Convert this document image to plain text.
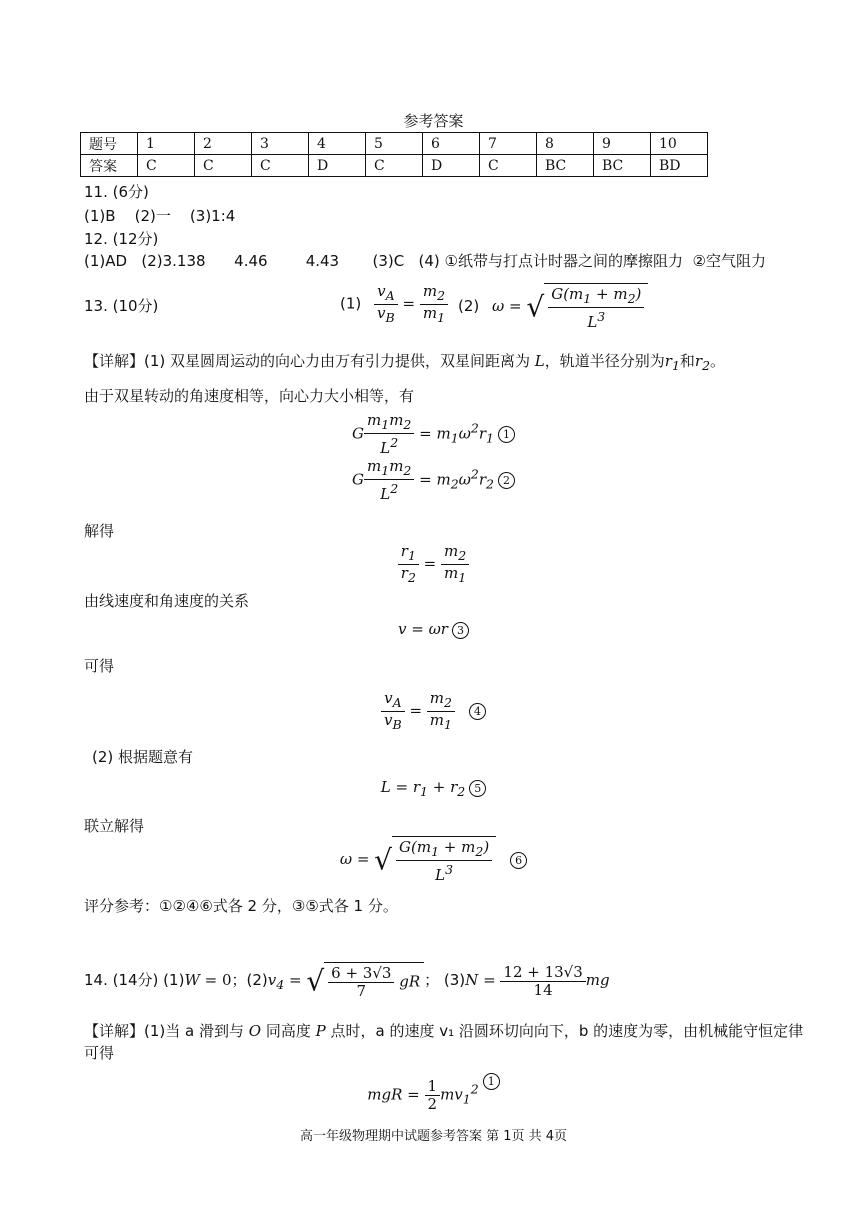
参考答案
题号	1	2	3	4	5	6	7	8	9	10
答案	C	C	C	D	C	D	C	BC	BC	BD
11. (6分)
(1)B    (2)一    (3)1:4
12. (12分)
(1)AD   (2)3.138      4.46        4.43       (3)C   (4) ①纸带与打点计时器之间的摩擦阻力  ②空气阻力
13. (10分)	$(1) \frac{v_A}{v_B} = \frac{m_2}{m_1} (2) \omega$ = √ $\frac{G(m_1 + m_2)}{L^3}$
【详解】(1) 双星圆周运动的向心力由万有引力提供，双星间距离为 L，轨道半径分别为$r_1$和$r_2$。
由于双星转动的角速度相等，向心力大小相等，有
G $\frac{m_1m_2}{L^2} = m_1\omega^2r_1$ 1
G $\frac{m_1m_2}{L^2} = m_2\omega^2r_2$ 2
解得
$\frac{r_1}{r_2} = \frac{m_2}{m_1}$
由线速度和角速度的关系
v = ωr 3
可得
$\frac{v_A}{v_B} = \frac{m_2}{m_1} 4$
(2) 根据题意有
$L = r_1 + r_2$ 5
联立解得
ω = √ $\frac{G(m_1 + m_2)}{L^3} 6$
评分参考：①②④⑥式各 2 分，③⑤式各 1 分。
14. (14分) (1)W = 0；$(2)v_4$ = √ $\frac{6 + 3√3}{7}$ gR ； $(3)N = \frac{12 + 13√3}{14}$ mg
【详解】(1)当 a 滑到与 O 同高度 P 点时，a 的速度 v₁ 沿圆环切向向下，b 的速度为零，由机械能守恒定律
可得
mgR = $\frac{1}{2} mv_1^2$ 1
高一年级物理期中试题参考答案 第 1页 共 4页
